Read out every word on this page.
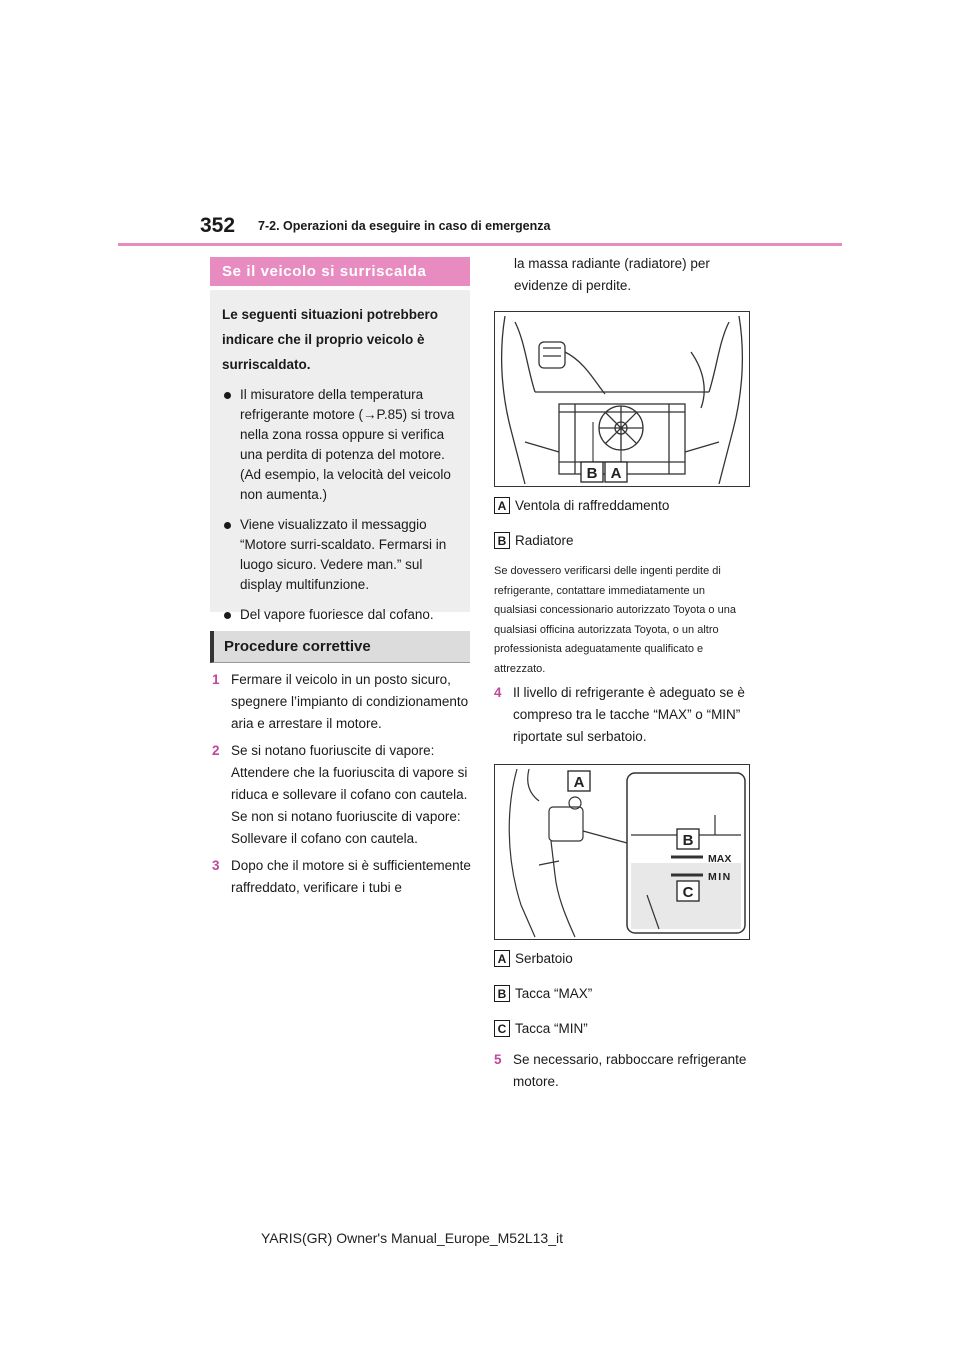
352 7-2. Operazioni da eseguire in caso di emergenza
Se il veicolo si surriscalda
Le seguenti situazioni potrebbero indicare che il proprio veicolo è surriscaldato.
Il misuratore della temperatura refrigerante motore (→P.85) si trova nella zona rossa oppure si verifica una perdita di potenza del motore. (Ad esempio, la velocità del veicolo non aumenta.)
Viene visualizzato il messaggio “Motore surri-scaldato. Fermarsi in luogo sicuro. Vedere man.” sul display multifunzione.
Del vapore fuoriesce dal cofano.
Procedure correttive
1 Fermare il veicolo in un posto sicuro, spegnere l’impianto di condizionamento aria e arrestare il motore.
2 Se si notano fuoriuscite di vapore: Attendere che la fuoriuscita di vapore si riduca e sollevare il cofano con cautela.
Se non si notano fuoriuscite di vapore: Sollevare il cofano con cautela.
3 Dopo che il motore si è sufficientemente raffreddato, verificare i tubi e
la massa radiante (radiatore) per evidenze di perdite.
B A
A Ventola di raffreddamento
B Radiatore
Se dovessero verificarsi delle ingenti perdite di refrigerante, contattare immediatamente un qualsiasi concessionario autorizzato Toyota o una qualsiasi officina autorizzata Toyota, o un altro professionista adeguatamente qualificato e attrezzato.
4 Il livello di refrigerante è adeguato se è compreso tra le tacche “MAX” o “MIN” riportate sul serbatoio.
MAX
MIN
A
B
C
A Serbatoio
B Tacca “MAX”
C Tacca “MIN”
5 Se necessario, rabboccare refrigerante motore.
YARIS(GR) Owner's Manual_Europe_M52L13_it
